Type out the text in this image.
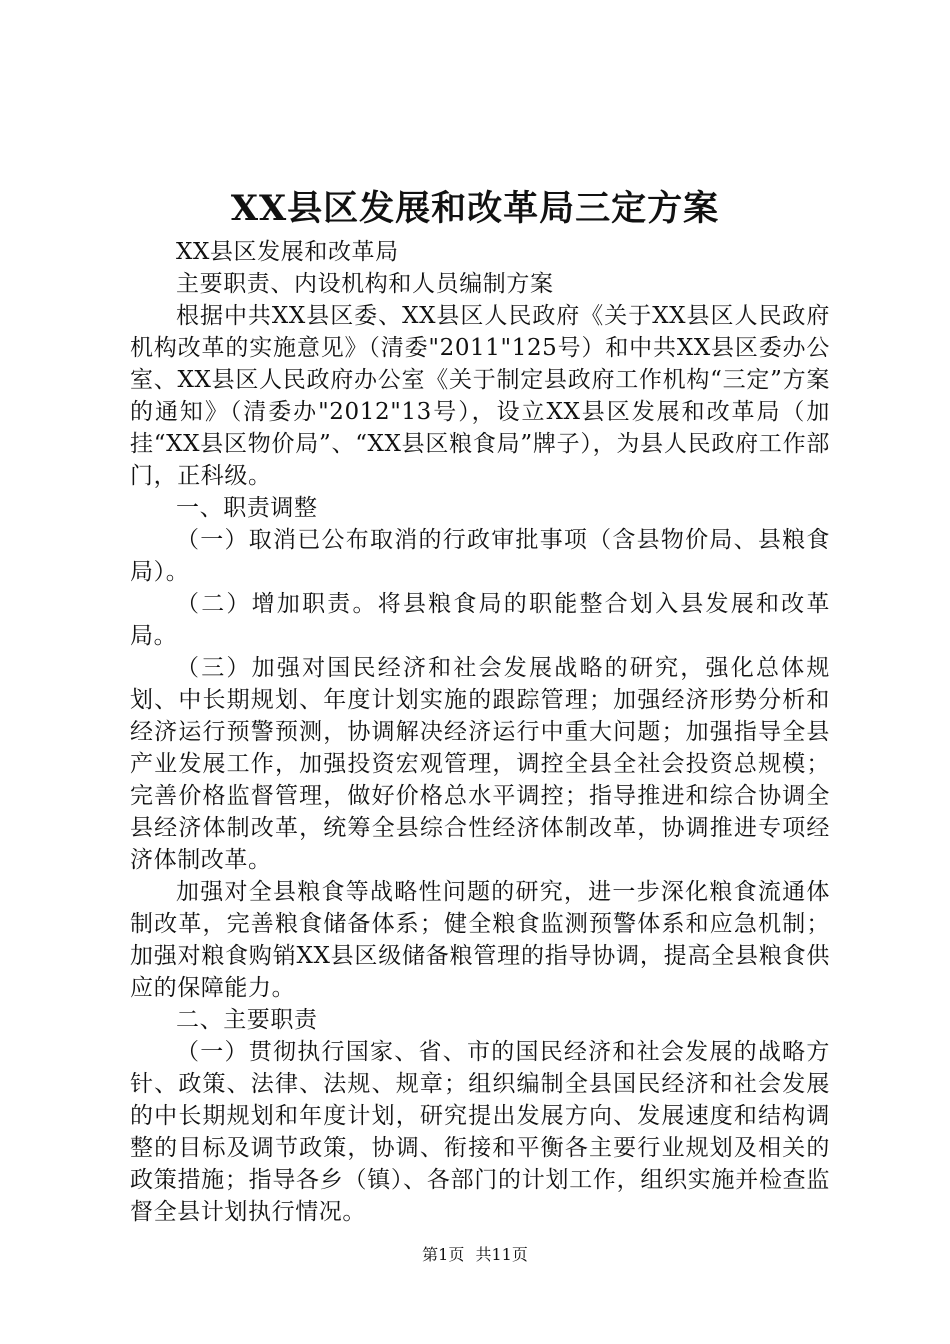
XX县区发展和改革局三定方案

XX县区发展和改革局

主要职责、内设机构和人员编制方案

根据中共XX县区委、XX县区人民政府《关于XX县区人民政府机构改革的实施意见》（清委"2011"125号）和中共XX县区委办公室、XX县区人民政府办公室《关于制定县政府工作机构“三定”方案的通知》（清委办"2012"13号），设立XX县区发展和改革局（加挂“XX县区物价局”、“XX县区粮食局”牌子），为县人民政府工作部门，正科级。

一、职责调整

（一）取消已公布取消的行政审批事项（含县物价局、县粮食局）。

（二）增加职责。将县粮食局的职能整合划入县发展和改革局。

（三）加强对国民经济和社会发展战略的研究，强化总体规划、中长期规划、年度计划实施的跟踪管理；加强经济形势分析和经济运行预警预测，协调解决经济运行中重大问题；加强指导全县产业发展工作，加强投资宏观管理，调控全县全社会投资总规模；完善价格监督管理，做好价格总水平调控；指导推进和综合协调全县经济体制改革，统筹全县综合性经济体制改革，协调推进专项经济体制改革。

加强对全县粮食等战略性问题的研究，进一步深化粮食流通体制改革，完善粮食储备体系；健全粮食监测预警体系和应急机制；加强对粮食购销XX县区级储备粮管理的指导协调，提高全县粮食供应的保障能力。

二、主要职责

（一）贯彻执行国家、省、市的国民经济和社会发展的战略方针、政策、法律、法规、规章；组织编制全县国民经济和社会发展的中长期规划和年度计划，研究提出发展方向、发展速度和结构调整的目标及调节政策，协调、衔接和平衡各主要行业规划及相关的政策措施；指导各乡（镇）、各部门的计划工作，组织实施并检查监督全县计划执行情况。

第1页 共11页
